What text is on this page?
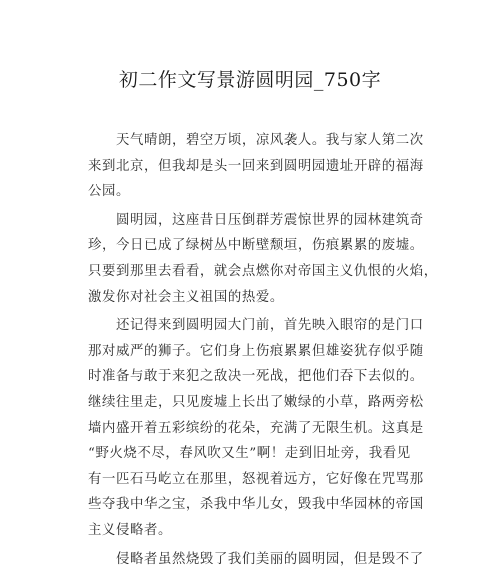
初二作文写景游圆明园_750字

　　天气晴朗，碧空万顷，凉风袭人。我与家人第二次
来到北京，但我却是头一回来到圆明园遗址开辟的福海
公园。

　　圆明园，这座昔日压倒群芳震惊世界的园林建筑奇
珍，今日已成了绿树丛中断壁颓垣，伤痕累累的废墟。
只要到那里去看看，就会点燃你对帝国主义仇恨的火焰，
激发你对社会主义祖国的热爱。

　　还记得来到圆明园大门前，首先映入眼帘的是门口
那对威严的狮子。它们身上伤痕累累但雄姿犹存似乎随
时准备与敢于来犯之敌决一死战，把他们吞下去似的。
继续往里走，只见废墟上长出了嫩绿的小草，路两旁松
墙内盛开着五彩缤纷的花朵，充满了无限生机。这真是
“野火烧不尽，春风吹又生”啊！走到旧址旁，我看见
有一匹石马屹立在那里，怒视着远方，它好像在咒骂那
些夺我中华之宝，杀我中华儿女，毁我中华园林的帝国
主义侵略者。

　　侵略者虽然烧毁了我们美丽的圆明园，但是毁不了
